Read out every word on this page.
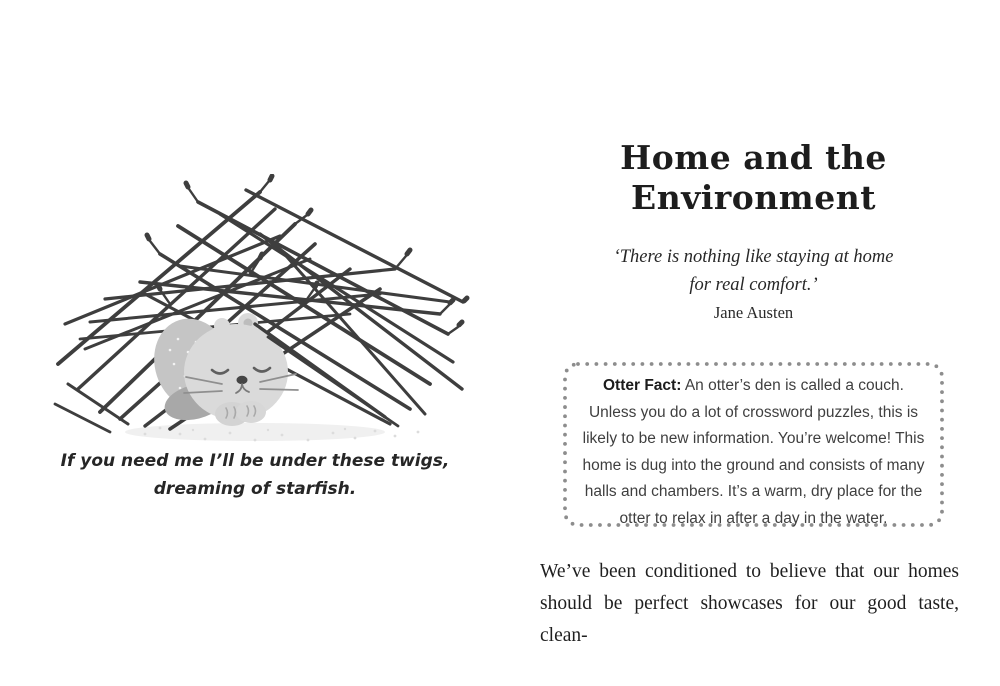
If you need me I’ll be under these twigs,
dreaming of starfish.
Home and the Environment
‘There is nothing like staying at home
for real comfort.’
Jane Austen
Otter Fact: An otter’s den is called a couch. Unless you do a lot of crossword puzzles, this is likely to be new information. You’re welcome! This home is dug into the ground and consists of many halls and chambers. It’s a warm, dry place for the otter to relax in after a day in the water.
We’ve been conditioned to believe that our homes
should be perfect showcases for our good taste, clean-
